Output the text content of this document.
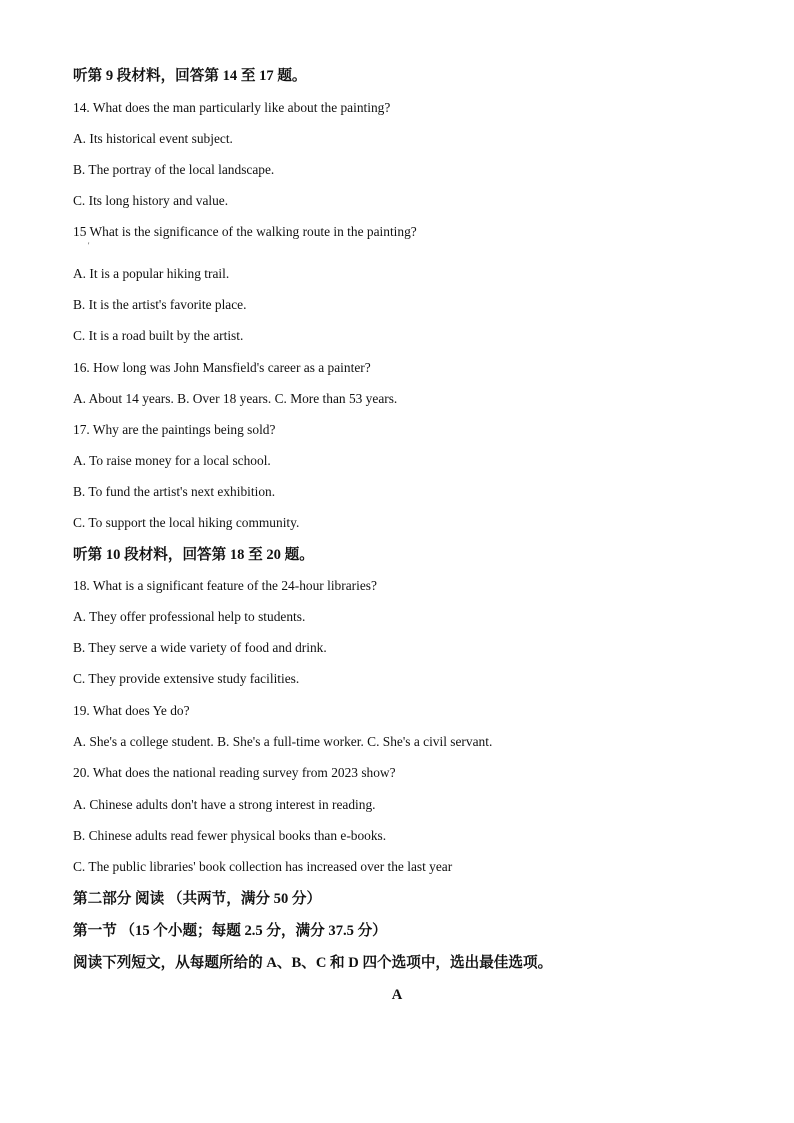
听第 9 段材料，回答第 14 至 17 题。
14. What does the man particularly like about the painting?
A. Its historical event subject.
B. The portray of the local landscape.
C. Its long history and value.
15 What is the significance of the walking route in the painting?
'
A. It is a popular hiking trail.
B. It is the artist's favorite place.
C. It is a road built by the artist.
16. How long was John Mansfield's career as a painter?
A. About 14 years. B. Over 18 years. C. More than 53 years.
17. Why are the paintings being sold?
A. To raise money for a local school.
B. To fund the artist's next exhibition.
C. To support the local hiking community.
听第 10 段材料，回答第 18 至 20 题。
18. What is a significant feature of the 24-hour libraries?
A. They offer professional help to students.
B. They serve a wide variety of food and drink.
C. They provide extensive study facilities.
19. What does Ye do?
A. She's a college student. B. She's a full-time worker. C. She's a civil servant.
20. What does the national reading survey from 2023 show?
A. Chinese adults don't have a strong interest in reading.
B. Chinese adults read fewer physical books than e-books.
C. The public libraries' book collection has increased over the last year
第二部分 阅读 （共两节，满分 50 分）
第一节 （15 个小题；每题 2.5 分，满分 37.5 分）
阅读下列短文，从每题所给的 A、B、C 和 D 四个选项中，选出最佳选项。
A
